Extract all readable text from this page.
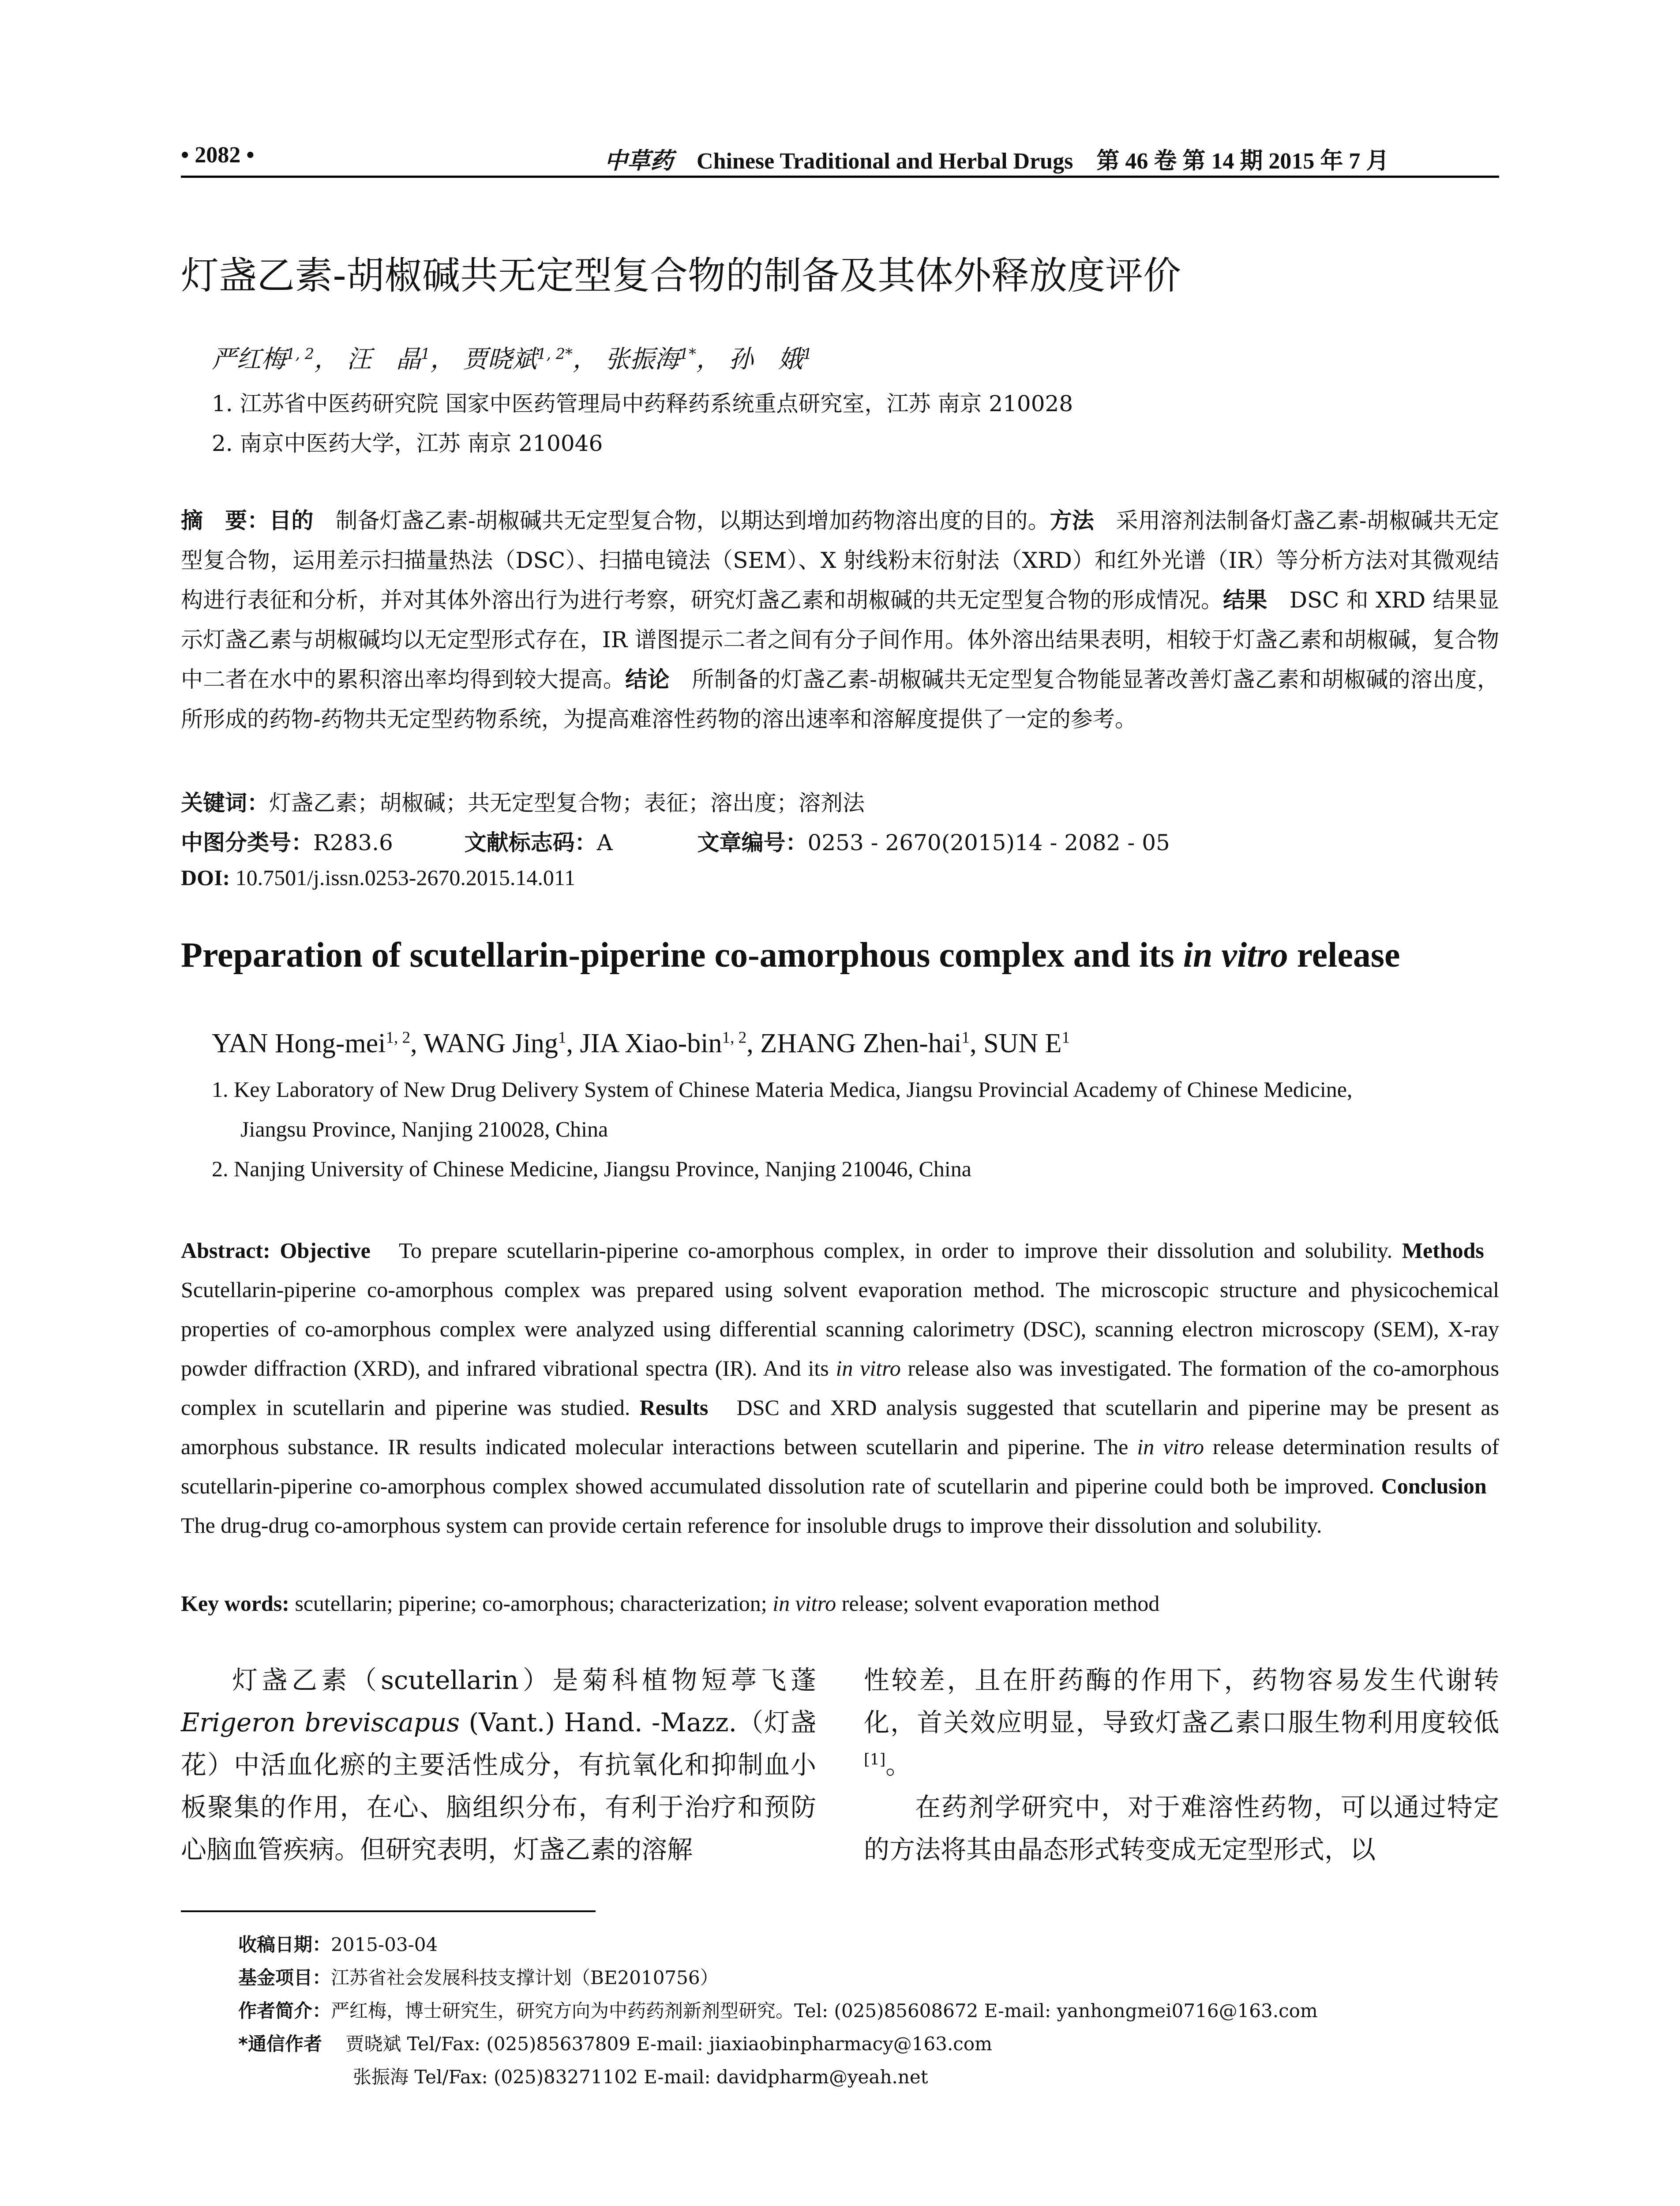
• 2082 •	中草药 Chinese Traditional and Herbal Drugs 第 46 卷 第 14 期 2015 年 7 月
灯盏乙素-胡椒碱共无定型复合物的制备及其体外释放度评价
严红梅$^{1, 2}$， 汪　晶$^1$， 贾晓斌$^{1, 2*}$， 张振海$^{1*}$， 孙　娥$^1$
1. 江苏省中医药研究院 国家中医药管理局中药释药系统重点研究室，江苏 南京 210028
2. 南京中医药大学，江苏 南京 210046
摘　要：目的　 制备灯盏乙素-胡椒碱共无定型复合物，以期达到增加药物溶出度的目的。方法　 采用溶剂法制备灯盏乙素-胡椒碱共无定型复合物，运用差示扫描量热法（DSC）、扫描电镜法（SEM）、X 射线粉末衍射法（XRD）和红外光谱（IR）等分析方法对其微观结构进行表征和分析，并对其体外溶出行为进行考察，研究灯盏乙素和胡椒碱的共无定型复合物的形成情况。结果　 DSC 和 XRD 结果显示灯盏乙素与胡椒碱均以无定型形式存在，IR 谱图提示二者之间有分子间作用。体外溶出结果表明，相较于灯盏乙素和胡椒碱，复合物中二者在水中的累积溶出率均得到较大提高。结论　 所制备的灯盏乙素-胡椒碱共无定型复合物能显著改善灯盏乙素和胡椒碱的溶出度，所形成的药物-药物共无定型药物系统，为提高难溶性药物的溶出速率和溶解度提供了一定的参考。
关键词：灯盏乙素；胡椒碱；共无定型复合物；表征；溶出度；溶剂法
中图分类号：R283.6	文献标志码：A	文章编号：0253 - 2670(2015)14 - 2082 - 05
DOI: 10.7501/j.issn.0253-2670.2015.14.011
Preparation of scutellarin-piperine co-amorphous complex and its in vitro release
YAN Hong-mei$^{1, 2}$, WANG Jing$^1$, JIA Xiao-bin$^{1, 2}$, ZHANG Zhen-hai$^1$, SUN $E^1$
1. Key Laboratory of New Drug Delivery System of Chinese Materia Medica, Jiangsu Provincial Academy of Chinese Medicine,
Jiangsu Province, Nanjing 210028, China
2. Nanjing University of Chinese Medicine, Jiangsu Province, Nanjing 210046, China
Abstract: Objective To prepare scutellarin-piperine co-amorphous complex, in order to improve their dissolution and solubility. Methods   Scutellarin-piperine co-amorphous complex was prepared using solvent evaporation method. The microscopic structure and physicochemical properties of co-amorphous complex were analyzed using differential scanning calorimetry (DSC), scanning electron microscopy (SEM), X-ray powder diffraction (XRD), and infrared vibrational spectra (IR). And its in vitro release also was investigated. The formation of the co-amorphous complex in scutellarin and piperine was studied. Results DSC and XRD analysis suggested that scutellarin and piperine may be present as amorphous substance. IR results indicated molecular interactions between scutellarin and piperine. The in vitro release determination results of scutellarin-piperine co-amorphous complex showed accumulated dissolution rate of scutellarin and piperine could both be improved. Conclusion   The drug-drug co-amorphous system can provide certain reference for insoluble drugs to improve their dissolution and solubility.
Key words: scutellarin; piperine; co-amorphous; characterization; in vitro release; solvent evaporation method
灯盏乙素（scutellarin）是菊科植物短葶飞蓬 Erigeron breviscapus (Vant.) Hand. -Mazz.（灯盏花）中活血化瘀的主要活性成分，有抗氧化和抑制血小板聚集的作用，在心、脑组织分布，有利于治疗和预防心脑血管疾病。但研究表明，灯盏乙素的溶解
性较差，且在肝药酶的作用下，药物容易发生代谢转化，首关效应明显，导致灯盏乙素口服生物利用度较低[1]。
在药剂学研究中，对于难溶性药物，可以通过特定的方法将其由晶态形式转变成无定型形式，以
收稿日期：2015-03-04
基金项目：江苏省社会发展科技支撑计划（BE2010756）
作者简介：严红梅，博士研究生，研究方向为中药药剂新剂型研究。Tel: (025)85608672 E-mail: yanhongmei0716@163.com
*通信作者 贾晓斌 Tel/Fax: (025)85637809 E-mail: jiaxiaobinpharmacy@163.com
张振海 Tel/Fax: (025)83271102 E-mail: davidpharm@yeah.net
